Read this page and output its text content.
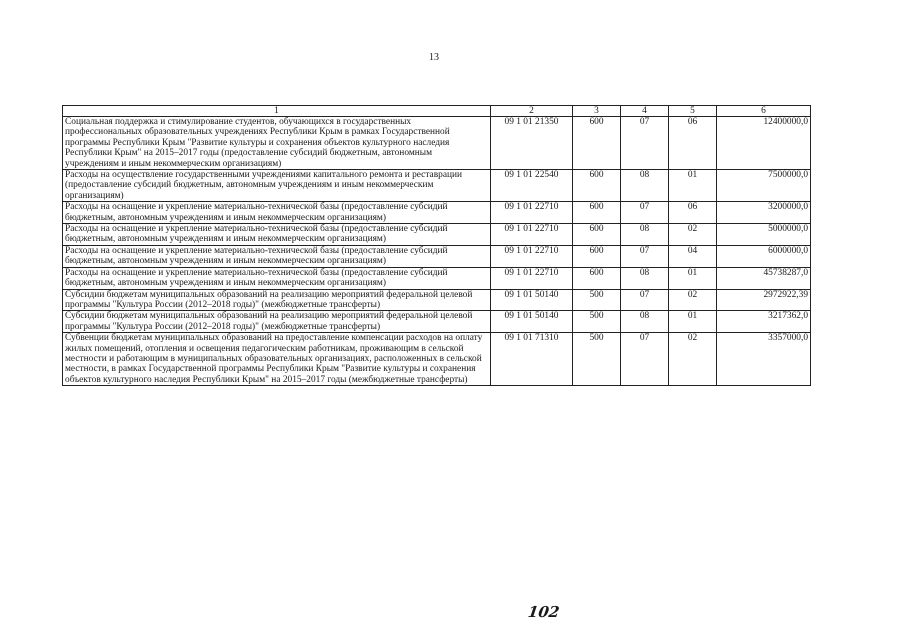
13
1	2	3	4	5	6
Социальная поддержка и стимулирование студентов, обучающихся в государственных профессиональных образовательных учреждениях Республики Крым в рамках Государственной программы Республики Крым "Развитие культуры и сохранения объектов культурного наследия Республики Крым" на 2015–2017 годы (предоставление субсидий бюджетным, автономным учреждениям и иным некоммерческим организациям)	09 1 01 21350	600	07	06	12400000,0
Расходы на осуществление государственными учреждениями капитального ремонта и реставрации (предоставление субсидий бюджетным, автономным учреждениям и иным некоммерческим организациям)	09 1 01 22540	600	08	01	7500000,0
Расходы на оснащение и укрепление материально-технической базы (предоставление субсидий бюджетным, автономным учреждениям и иным некоммерческим организациям)	09 1 01 22710	600	07	06	3200000,0
Расходы на оснащение и укрепление материально-технической базы (предоставление субсидий бюджетным, автономным учреждениям и иным некоммерческим организациям)	09 1 01 22710	600	08	02	5000000,0
Расходы на оснащение и укрепление материально-технической базы (предоставление субсидий бюджетным, автономным учреждениям и иным некоммерческим организациям)	09 1 01 22710	600	07	04	6000000,0
Расходы на оснащение и укрепление материально-технической базы (предоставление субсидий бюджетным, автономным учреждениям и иным некоммерческим организациям)	09 1 01 22710	600	08	01	45738287,0
Субсидии бюджетам муниципальных образований на реализацию мероприятий федеральной целевой программы "Культура России (2012–2018 годы)" (межбюджетные трансферты)	09 1 01 50140	500	07	02	2972922,39
Субсидии бюджетам муниципальных образований на реализацию мероприятий федеральной целевой программы "Культура России (2012–2018 годы)" (межбюджетные трансферты)	09 1 01 50140	500	08	01	3217362,0
Субвенции бюджетам муниципальных образований на предоставление компенсации расходов на оплату жилых помещений, отопления и освещения педагогическим работникам, проживающим в сельской местности и работающим в муниципальных образовательных организациях, расположенных в сельской местности, в рамках Государственной программы Республики Крым "Развитие культуры и сохранения объектов культурного наследия Республики Крым" на 2015–2017 годы (межбюджетные трансферты)	09 1 01 71310	500	07	02	3357000,0
102
